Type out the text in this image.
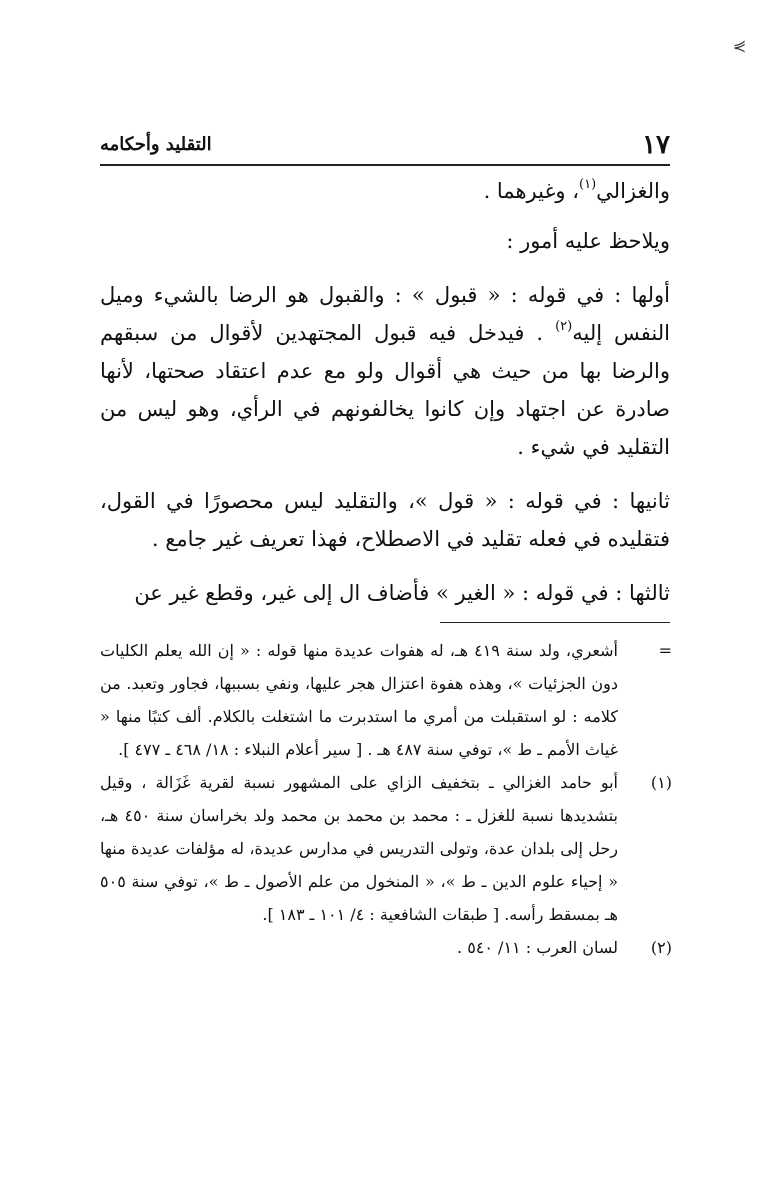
⋞
١٧
التقليد وأحكامه

والغزالي$^{(١)}$، وغيرهما .

ويلاحظ عليه أمور :

أولها : في قوله : « قبول » : والقبول هو الرضا بالشيء وميل النفس إليه$^{(٢)}$ . فيدخل فيه قبول المجتهدين لأقوال من سبقهم والرضا بها من حيث هي أقوال ولو مع عدم اعتقاد صحتها، لأنها صادرة عن اجتهاد وإن كانوا يخالفونهم في الرأي، وهو ليس من التقليد في شيء .

ثانيها : في قوله : « قول »، والتقليد ليس محصورًا في القول، فتقليده في فعله تقليد في الاصطلاح، فهذا تعريف غير جامع .

ثالثها : في قوله : « الغير » فأضاف ال إلى غير، وقطع غير عن

=
أشعري، ولد سنة ٤١٩ هـ، له هفوات عديدة منها قوله : « إن الله يعلم الكليات دون الجزئيات »، وهذه هفوة اعتزال هجر عليها، ونفي بسببها، فجاور وتعبد. من كلامه : لو استقبلت من أمري ما استدبرت ما اشتغلت بالكلام. ألف كتبًا منها « غياث الأمم ـ ط »، توفي سنة ٤٨٧ هـ . [ سير أعلام النبلاء : ١٨/ ٤٦٨ ـ ٤٧٧ ].

(١)
أبو حامد الغزالي ـ بتخفيف الزاي على المشهور نسبة لقرية غَزَالة ، وقيل بتشديدها نسبة للغزل ـ : محمد بن محمد بن محمد ولد بخراسان سنة ٤٥٠ هـ، رحل إلى بلدان عدة، وتولى التدريس في مدارس عديدة، له مؤلفات عديدة منها « إحياء علوم الدين ـ ط »، « المنخول من علم الأصول ـ ط »، توفي سنة ٥٠٥ هـ بمسقط رأسه. [ طبقات الشافعية : ٤/ ١٠١ ـ ١٨٣ ].

(٢)
لسان العرب : ١١/ ٥٤٠ .
